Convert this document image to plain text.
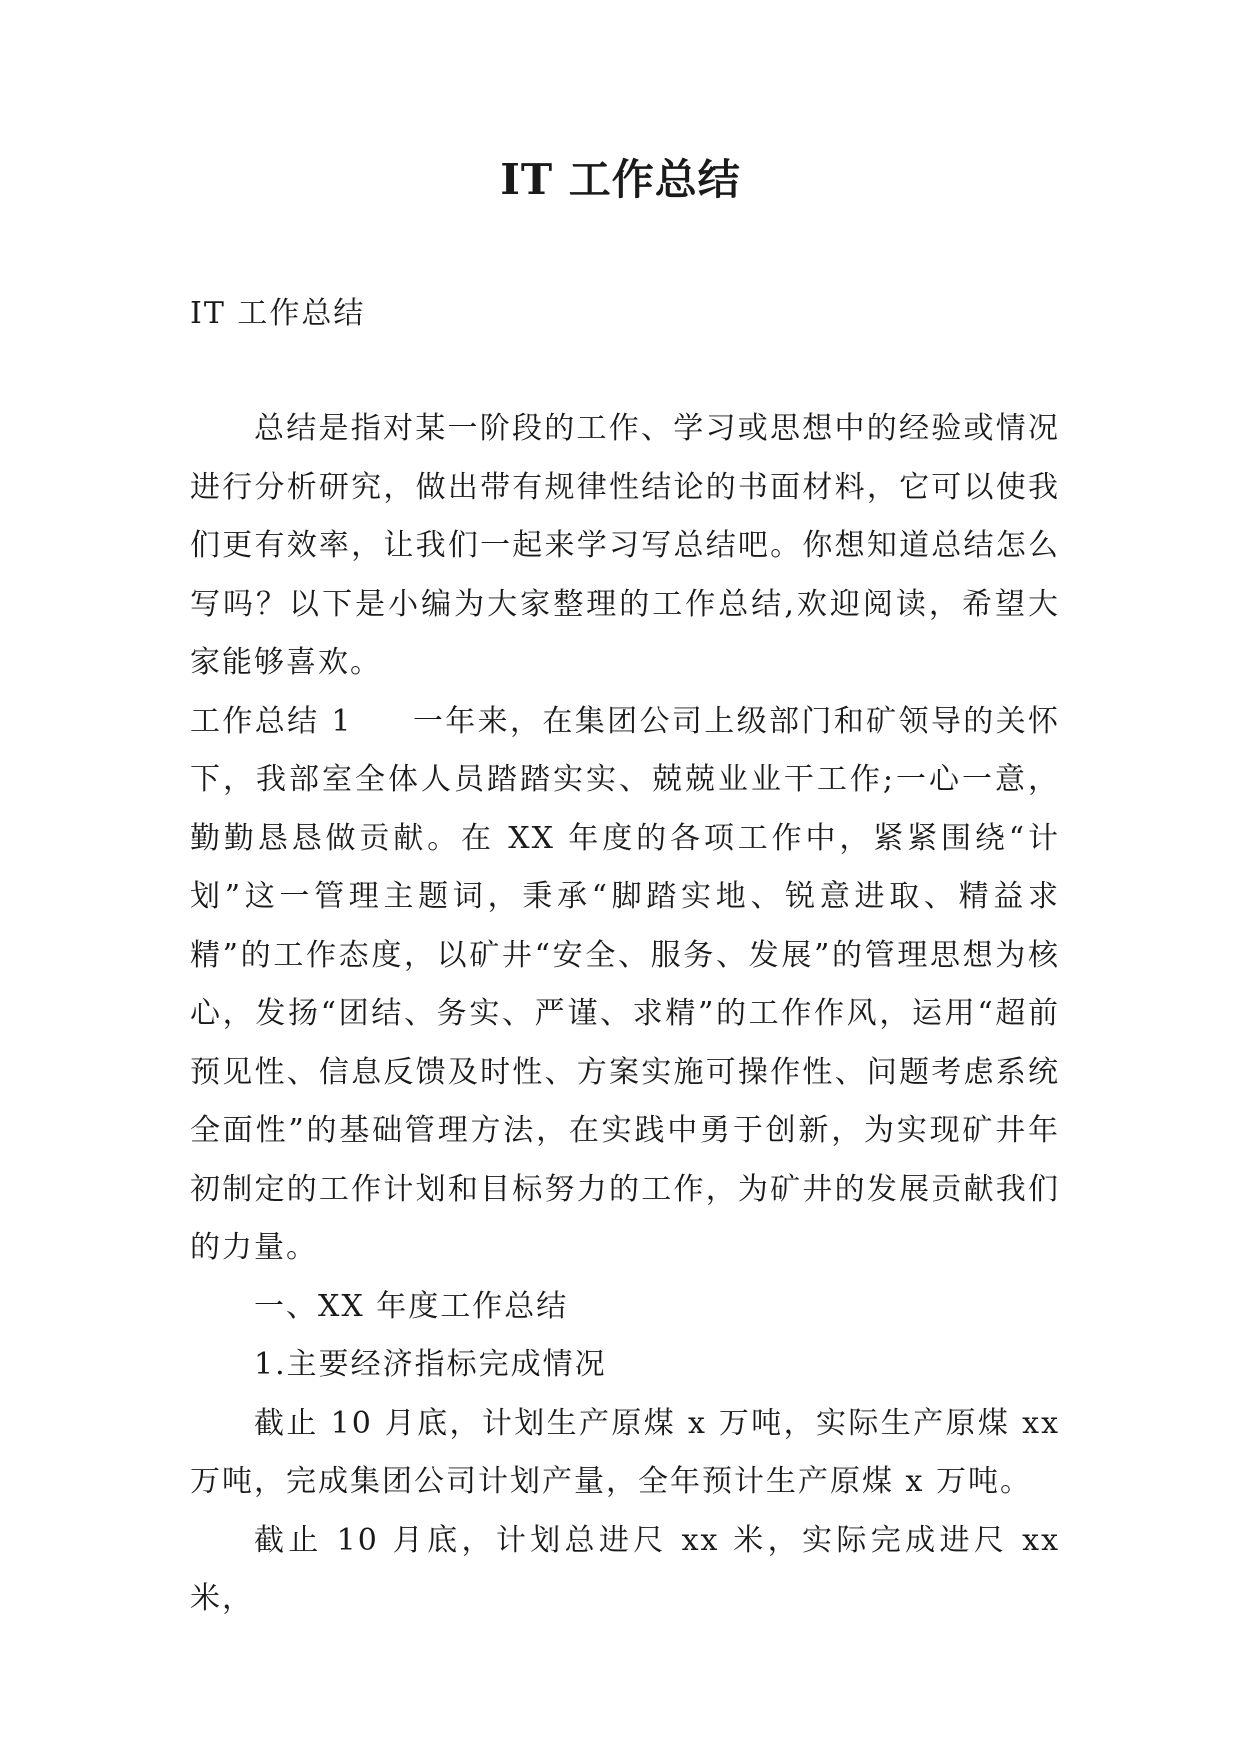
IT 工作总结
IT 工作总结

总结是指对某一阶段的工作、学习或思想中的经验或情况进行分析研究，做出带有规律性结论的书面材料，它可以使我们更有效率，让我们一起来学习写总结吧。你想知道总结怎么写吗？以下是小编为大家整理的工作总结,欢迎阅读，希望大家能够喜欢。

工作总结 1 一年来，在集团公司上级部门和矿领导的关怀下，我部室全体人员踏踏实实、兢兢业业干工作;一心一意，勤勤恳恳做贡献。在 XX 年度的各项工作中，紧紧围绕“计划”这一管理主题词，秉承“脚踏实地、锐意进取、精益求精”的工作态度，以矿井“安全、服务、发展”的管理思想为核心，发扬“团结、务实、严谨、求精”的工作作风，运用“超前预见性、信息反馈及时性、方案实施可操作性、问题考虑系统全面性”的基础管理方法，在实践中勇于创新，为实现矿井年初制定的工作计划和目标努力的工作，为矿井的发展贡献我们的力量。

一、XX 年度工作总结

1.主要经济指标完成情况

截止 10 月底，计划生产原煤 x 万吨，实际生产原煤 xx 万吨，完成集团公司计划产量，全年预计生产原煤 x 万吨。

截止 10 月底，计划总进尺 xx 米，实际完成进尺 xx 米，
